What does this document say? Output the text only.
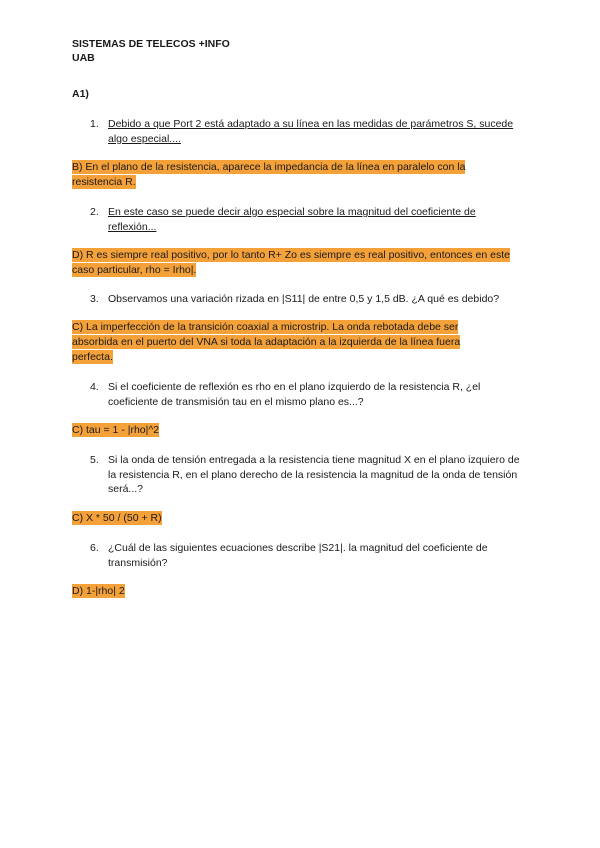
SISTEMAS DE TELECOS +INFO
UAB
A1)
1. Debido a que Port 2 está adaptado a su línea en las medidas de parámetros S, sucede algo especial....
B) En el plano de la resistencia, aparece la impedancia de la línea en paralelo con la resistencia R.
2. En este caso se puede decir algo especial sobre la magnitud del coeficiente de reflexión...
D) R es siempre real positivo, por lo tanto R+ Zo es siempre es real positivo, entonces en este caso particular, rho = Irho|.
3. Observamos una variación rizada en |S11| de entre 0,5 y 1,5 dB. ¿A qué es debido?
C) La imperfección de la transición coaxial a microstrip. La onda rebotada debe ser absorbida en el puerto del VNA si toda la adaptación a la izquierda de la línea fuera perfecta.
4. Si el coeficiente de reflexión es rho en el plano izquierdo de la resistencia R, ¿el coeficiente de transmisión tau en el mismo plano es...?
C) tau = 1 - |rho|^2
5. Si la onda de tensión entregada a la resistencia tiene magnitud X en el plano izquiero de la resistencia R, en el plano derecho de la resistencia la magnitud de la onda de tensión será...?
C) X * 50 / (50 + R)
6. ¿Cuál de las siguientes ecuaciones describe |S21|. la magnitud del coeficiente de transmisión?
D) 1-|rho| 2
